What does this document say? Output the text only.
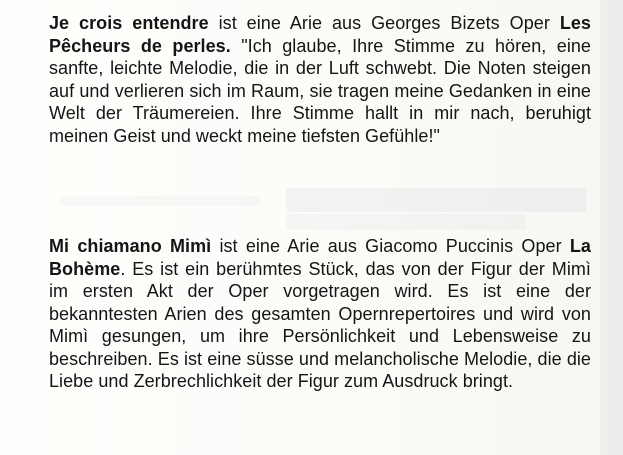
Je crois entendre ist eine Arie aus Georges Bizets Oper Les Pêcheurs de perles. "Ich glaube, Ihre Stimme zu hören, eine sanfte, leichte Melodie, die in der Luft schwebt. Die Noten steigen auf und verlieren sich im Raum, sie tragen meine Gedanken in eine Welt der Träumereien. Ihre Stimme hallt in mir nach, beruhigt meinen Geist und weckt meine tiefsten Gefühle!"

Mi chiamano Mimì ist eine Arie aus Giacomo Puccinis Oper La Bohème. Es ist ein berühmtes Stück, das von der Figur der Mimì im ersten Akt der Oper vorgetragen wird. Es ist eine der bekanntesten Arien des gesamten Opernrepertoires und wird von Mimì gesungen, um ihre Persönlichkeit und Lebensweise zu beschreiben. Es ist eine süsse und melancholische Melodie, die die Liebe und Zerbrechlichkeit der Figur zum Ausdruck bringt.
